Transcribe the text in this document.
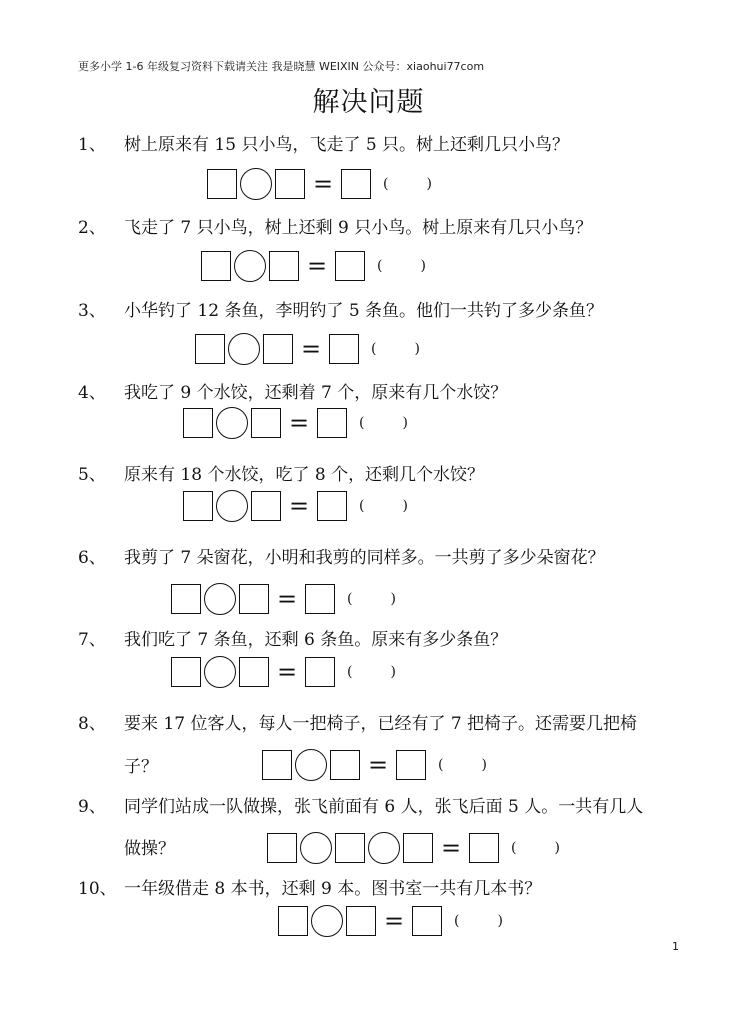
更多小学 1-6 年级复习资料下载请关注 我是晓慧 WEIXIN 公众号：xiaohui77com
解决问题
1、 树上原来有 15 只小鸟，飞走了 5 只。树上还剩几只小鸟？
=	(	)
2、 飞走了 7 只小鸟，树上还剩 9 只小鸟。树上原来有几只小鸟？
=	(	)
3、 小华钓了 12 条鱼，李明钓了 5 条鱼。他们一共钓了多少条鱼？
=	(	)
4、 我吃了 9 个水饺，还剩着 7 个，原来有几个水饺？
=	(	)
5、 原来有 18 个水饺，吃了 8 个，还剩几个水饺？
=	(	)
6、 我剪了 7 朵窗花，小明和我剪的同样多。一共剪了多少朵窗花？
=	(	)
7、 我们吃了 7 条鱼，还剩 6 条鱼。原来有多少条鱼？
=	(	)
8、 要来 17 位客人，每人一把椅子，已经有了 7 把椅子。还需要几把椅
子？	=	(	)
9、 同学们站成一队做操，张飞前面有 6 人，张飞后面 5 人。一共有几人
做操？	=	(	)
10、 一年级借走 8 本书，还剩 9 本。图书室一共有几本书？
=	(	)
1
